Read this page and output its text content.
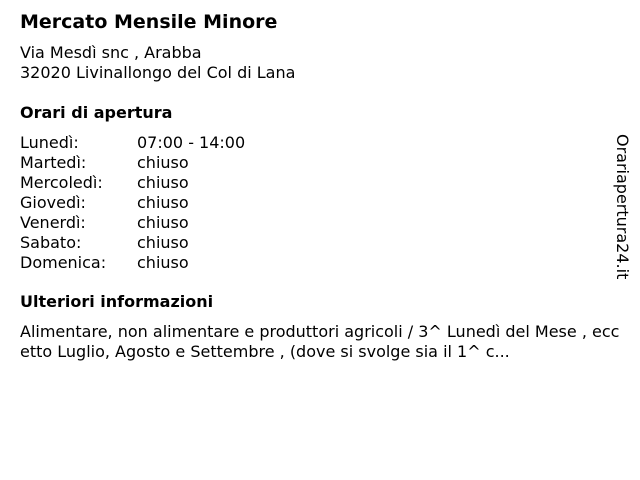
Mercato Mensile Minore
Via Mesdì snc , Arabba
32020 Livinallongo del Col di Lana
Orari di apertura
Lunedì:	07:00 - 14:00
Martedì:	chiuso
Mercoledì:	chiuso
Giovedì:	chiuso
Venerdì:	chiuso
Sabato:	chiuso
Domenica:	chiuso
Ulteriori informazioni
Alimentare, non alimentare e produttori agricoli / 3^ Lunedì del Mese , eccetto Luglio, Agosto e Settembre , (dove si svolge sia il 1^ c...
Orariapertura24.it
